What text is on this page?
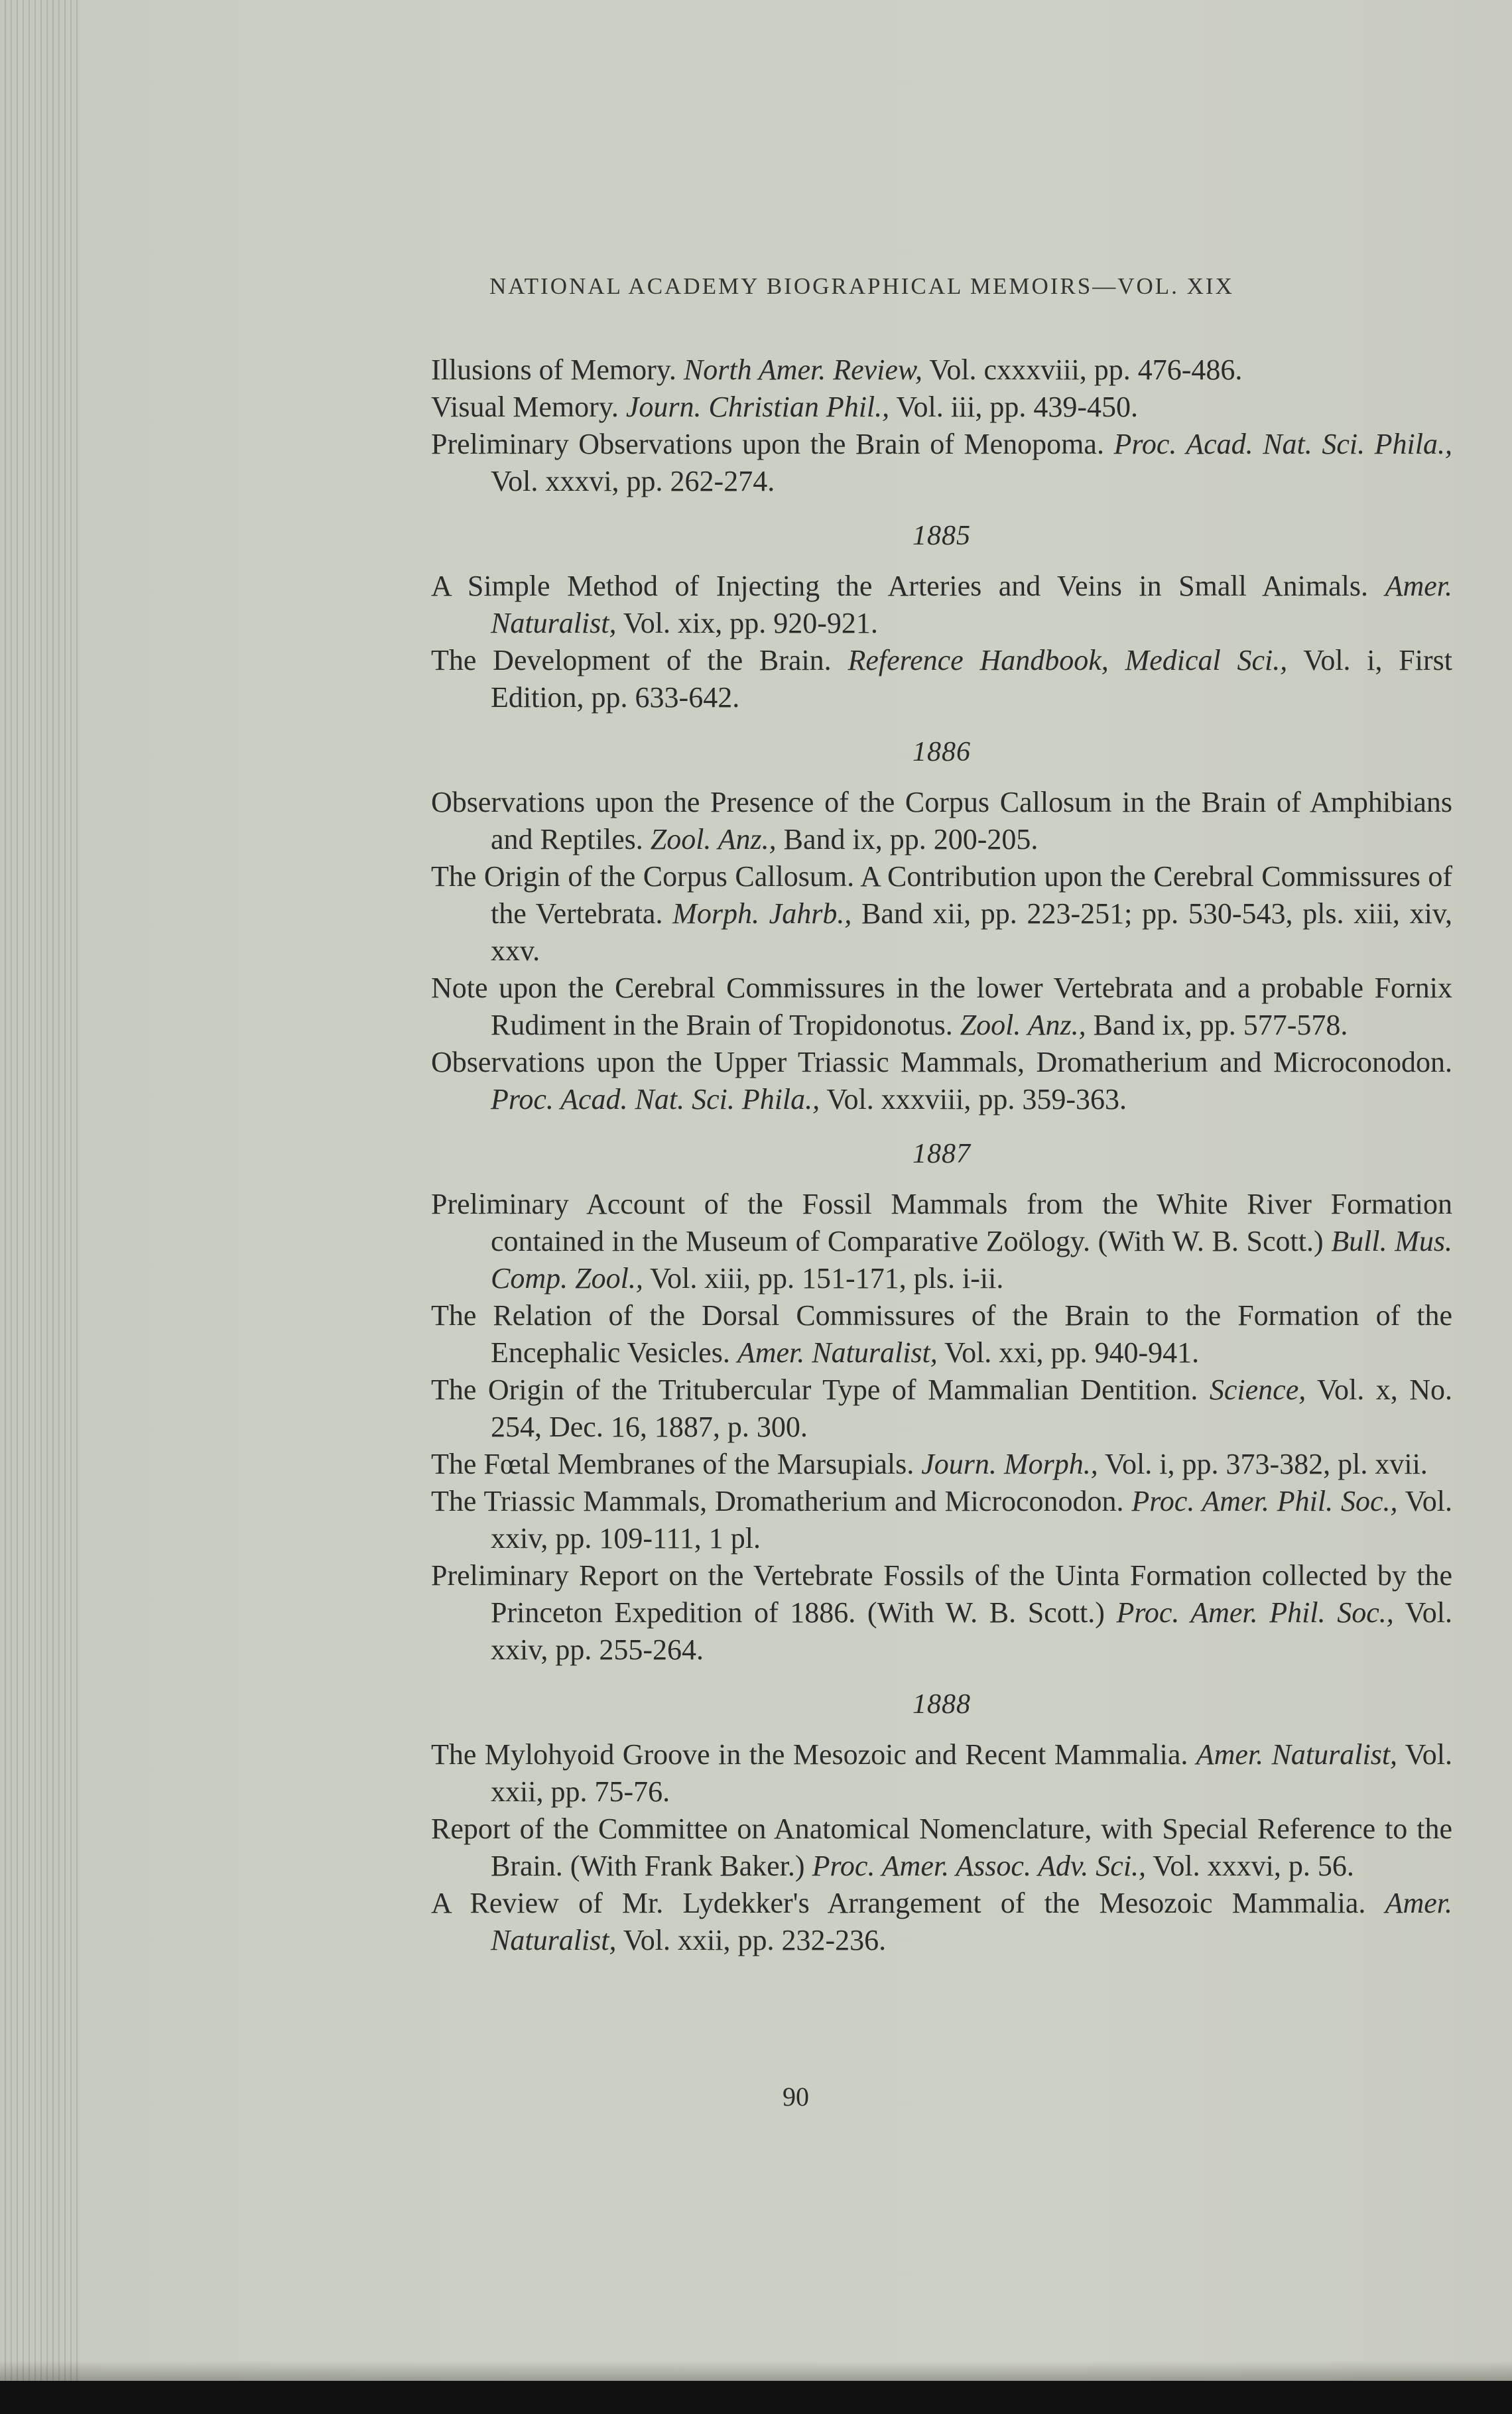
NATIONAL ACADEMY BIOGRAPHICAL MEMOIRS—VOL. XIX

Illusions of Memory. North Amer. Review, Vol. cxxxviii, pp. 476-486.

Visual Memory. Journ. Christian Phil., Vol. iii, pp. 439-450.

Preliminary Observations upon the Brain of Menopoma. Proc. Acad. Nat. Sci. Phila., Vol. xxxvi, pp. 262-274.

1885

A Simple Method of Injecting the Arteries and Veins in Small Animals. Amer. Naturalist, Vol. xix, pp. 920-921.

The Development of the Brain. Reference Handbook, Medical Sci., Vol. i, First Edition, pp. 633-642.

1886

Observations upon the Presence of the Corpus Callosum in the Brain of Amphibians and Reptiles. Zool. Anz., Band ix, pp. 200-205.

The Origin of the Corpus Callosum. A Contribution upon the Cerebral Commissures of the Vertebrata. Morph. Jahrb., Band xii, pp. 223-251; pp. 530-543, pls. xiii, xiv, xxv.

Note upon the Cerebral Commissures in the lower Vertebrata and a probable Fornix Rudiment in the Brain of Tropidonotus. Zool. Anz., Band ix, pp. 577-578.

Observations upon the Upper Triassic Mammals, Dromatherium and Microconodon. Proc. Acad. Nat. Sci. Phila., Vol. xxxviii, pp. 359-363.

1887

Preliminary Account of the Fossil Mammals from the White River Formation contained in the Museum of Comparative Zoölogy. (With W. B. Scott.) Bull. Mus. Comp. Zool., Vol. xiii, pp. 151-171, pls. i-ii.

The Relation of the Dorsal Commissures of the Brain to the Formation of the Encephalic Vesicles. Amer. Naturalist, Vol. xxi, pp. 940-941.

The Origin of the Tritubercular Type of Mammalian Dentition. Science, Vol. x, No. 254, Dec. 16, 1887, p. 300.

The Fœtal Membranes of the Marsupials. Journ. Morph., Vol. i, pp. 373-382, pl. xvii.

The Triassic Mammals, Dromatherium and Microconodon. Proc. Amer. Phil. Soc., Vol. xxiv, pp. 109-111, 1 pl.

Preliminary Report on the Vertebrate Fossils of the Uinta Formation collected by the Princeton Expedition of 1886. (With W. B. Scott.) Proc. Amer. Phil. Soc., Vol. xxiv, pp. 255-264.

1888

The Mylohyoid Groove in the Mesozoic and Recent Mammalia. Amer. Naturalist, Vol. xxii, pp. 75-76.

Report of the Committee on Anatomical Nomenclature, with Special Reference to the Brain. (With Frank Baker.) Proc. Amer. Assoc. Adv. Sci., Vol. xxxvi, p. 56.

A Review of Mr. Lydekker's Arrangement of the Mesozoic Mammalia. Amer. Naturalist, Vol. xxii, pp. 232-236.

90
